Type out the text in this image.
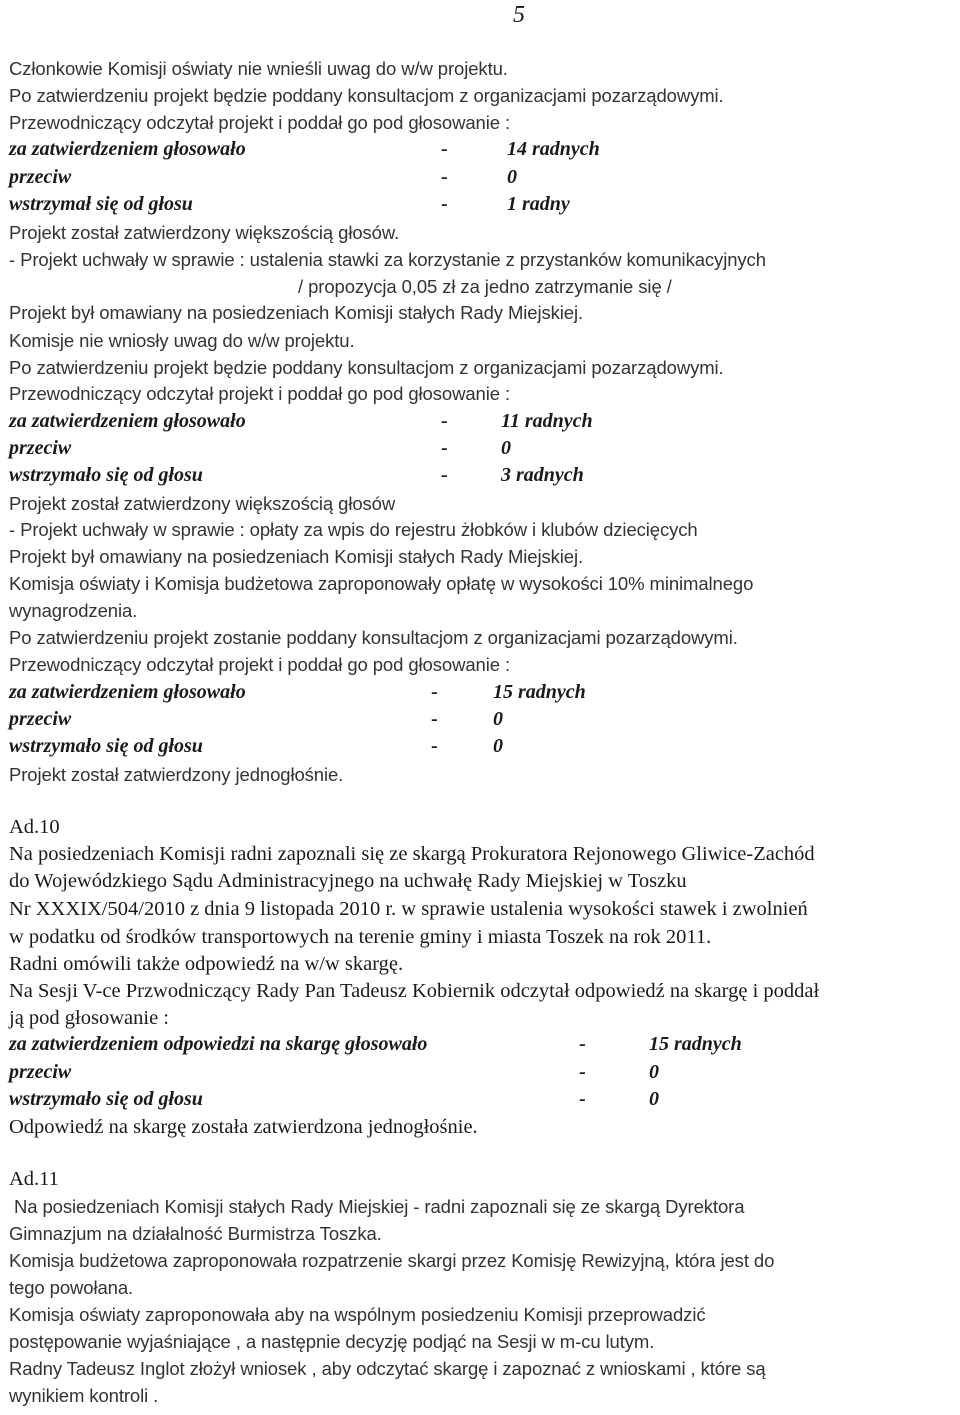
5
Członkowie Komisji oświaty nie wnieśli uwag do w/w projektu.
Po zatwierdzeniu projekt będzie poddany konsultacjom z organizacjami pozarządowymi.
Przewodniczący odczytał projekt i poddał go pod głosowanie :
za zatwierdzeniem głosowało	-	14 radnych
przeciw	-	0
wstrzymał się od głosu	-	1 radny
Projekt został zatwierdzony większością głosów.
- Projekt uchwały w sprawie : ustalenia stawki za korzystanie z przystanków komunikacyjnych
/ propozycja 0,05 zł za jedno zatrzymanie się /
Projekt był omawiany na posiedzeniach Komisji stałych Rady Miejskiej.
Komisje nie wniosły uwag do w/w projektu.
Po zatwierdzeniu projekt będzie poddany konsultacjom z organizacjami pozarządowymi.
Przewodniczący odczytał projekt i poddał go pod głosowanie :
za zatwierdzeniem głosowało	-	11 radnych
przeciw	-	0
wstrzymało się od głosu	-	3 radnych
Projekt został zatwierdzony większością głosów
- Projekt uchwały w sprawie : opłaty za wpis do rejestru żłobków i klubów dziecięcych
Projekt był omawiany na posiedzeniach Komisji stałych Rady Miejskiej.
Komisja oświaty i Komisja budżetowa zaproponowały opłatę w wysokości 10% minimalnego
wynagrodzenia.
Po zatwierdzeniu projekt zostanie poddany konsultacjom z organizacjami pozarządowymi.
Przewodniczący odczytał projekt i poddał go pod głosowanie :
za zatwierdzeniem głosowało	-	15 radnych
przeciw	-	0
wstrzymało się od głosu	-	0
Projekt został zatwierdzony jednogłośnie.
Ad.10
Na posiedzeniach Komisji radni zapoznali się ze skargą Prokuratora Rejonowego Gliwice-Zachód
do Wojewódzkiego Sądu Administracyjnego na uchwałę Rady Miejskiej w Toszku
Nr XXXIX/504/2010 z dnia 9 listopada 2010 r. w sprawie ustalenia wysokości stawek i zwolnień
w podatku od środków transportowych na terenie gminy i miasta Toszek na rok 2011.
Radni omówili także odpowiedź na w/w skargę.
Na Sesji V-ce Przwodniczący Rady Pan Tadeusz Kobiernik odczytał odpowiedź na skargę i poddał
ją pod głosowanie :
za zatwierdzeniem odpowiedzi na skargę głosowało	-	15 radnych
przeciw	-	0
wstrzymało się od głosu	-	0
Odpowiedź na skargę została zatwierdzona jednogłośnie.
Ad.11
Na posiedzeniach Komisji stałych Rady Miejskiej - radni zapoznali się ze skargą Dyrektora
Gimnazjum na działalność Burmistrza Toszka.
Komisja budżetowa zaproponowała rozpatrzenie skargi przez Komisję Rewizyjną, która jest do
tego powołana.
Komisja oświaty zaproponowała aby na wspólnym posiedzeniu Komisji przeprowadzić
postępowanie wyjaśniające , a następnie decyzję podjąć na Sesji w m-cu lutym.
Radny Tadeusz Inglot złożył wniosek , aby odczytać skargę i zapoznać z wnioskami , które są
wynikiem kontroli .
